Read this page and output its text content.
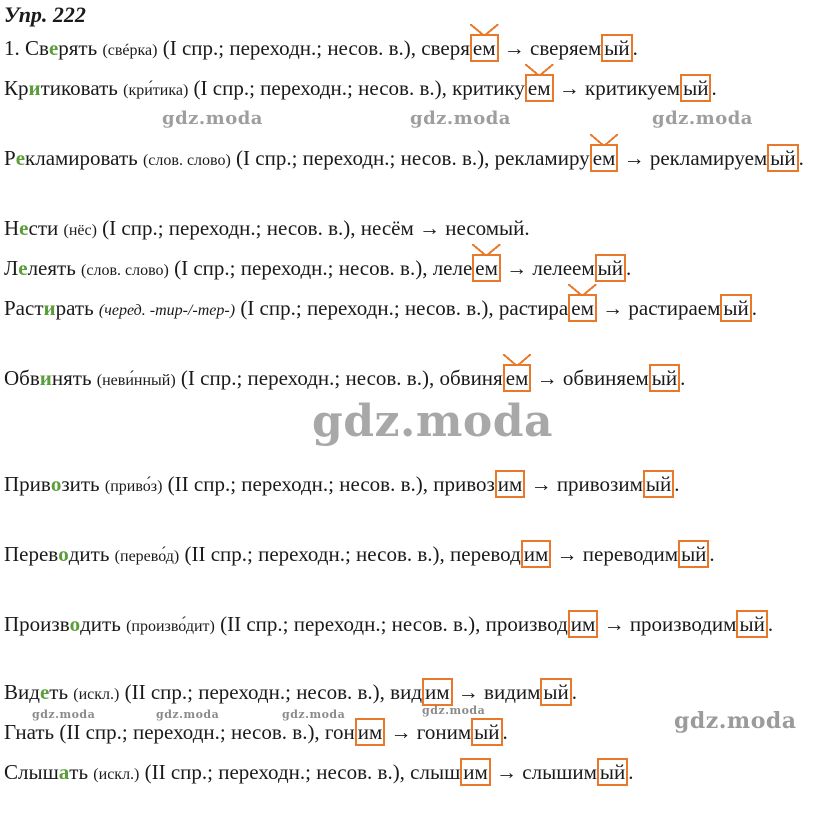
Упр. 222
1. Сверять (свéрка) (I спр.; переходн.; несов. в.), сверя ем → сверяем ый .
Критиковать (кри́тика) (I спр.; переходн.; несов. в.), критику ем → критикуем ый .
Рекламировать (слов. слово) (I спр.; переходн.; несов. в.), рекламиру ем → рекламируем ый .
Нести (нёс) (I спр.; переходн.; несов. в.), несём → несомый.
Лелеять (слов. слово) (I спр.; переходн.; несов. в.), леле ем → лелеем ый .
Растирать (черед. -тир-/-тер-) (I спр.; переходн.; несов. в.), растира ем → растираем ый .
Обвинять (неви́нный) (I спр.; переходн.; несов. в.), обвиня ем → обвиняем ый .
Привозить (приво́з) (II спр.; переходн.; несов. в.), привоз им → привозим ый .
Переводить (перево́д) (II спр.; переходн.; несов. в.), перевод им → переводим ый .
Производить (произво́дит) (II спр.; переходн.; несов. в.), производ им → производим ый .
Видеть (искл.) (II спр.; переходн.; несов. в.), вид им → видим ый .
Гнать (II спр.; переходн.; несов. в.), гон им → гоним ый .
Слышать (искл.) (II спр.; переходн.; несов. в.), слыш им → слышим ый .
gdz.moda	gdz.moda	gdz.moda
gdz.moda
gdz.moda	gdz.moda	gdz.moda	gdz.moda	gdz.moda
